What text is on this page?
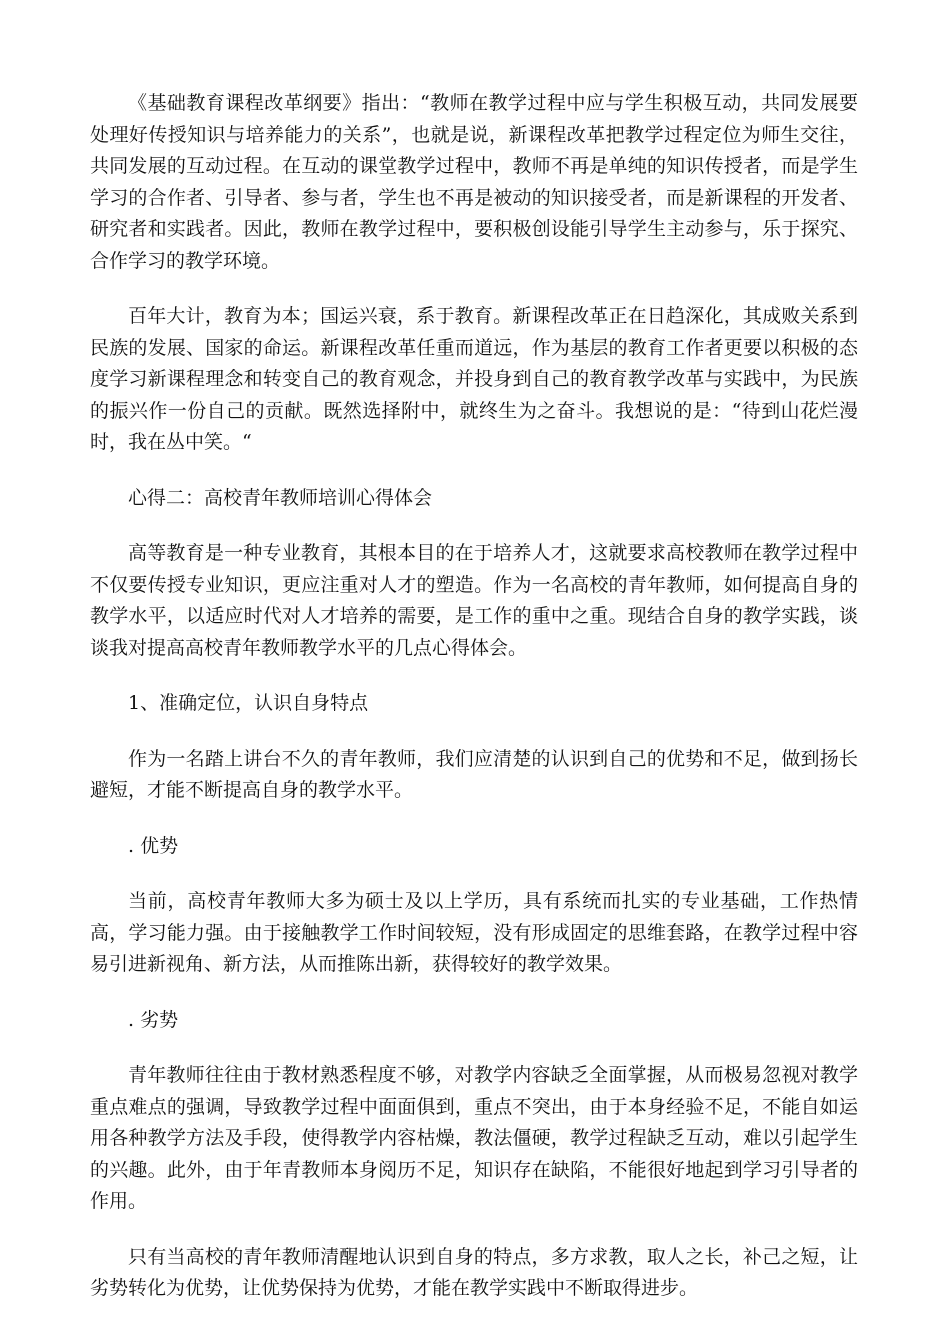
《基础教育课程改革纲要》指出：“教师在教学过程中应与学生积极互动，共同发展要处理好传授知识与培养能力的关系”，也就是说，新课程改革把教学过程定位为师生交往，共同发展的互动过程。在互动的课堂教学过程中，教师不再是单纯的知识传授者，而是学生学习的合作者、引导者、参与者，学生也不再是被动的知识接受者，而是新课程的开发者、研究者和实践者。因此，教师在教学过程中，要积极创设能引导学生主动参与，乐于探究、合作学习的教学环境。

百年大计，教育为本；国运兴衰，系于教育。新课程改革正在日趋深化，其成败关系到民族的发展、国家的命运。新课程改革任重而道远，作为基层的教育工作者更要以积极的态度学习新课程理念和转变自己的教育观念，并投身到自己的教育教学改革与实践中，为民族的振兴作一份自己的贡献。既然选择附中，就终生为之奋斗。我想说的是：“待到山花烂漫时，我在丛中笑。“

心得二：高校青年教师培训心得体会

高等教育是一种专业教育，其根本目的在于培养人才，这就要求高校教师在教学过程中不仅要传授专业知识，更应注重对人才的塑造。作为一名高校的青年教师，如何提高自身的教学水平，以适应时代对人才培养的需要，是工作的重中之重。现结合自身的教学实践，谈谈我对提高高校青年教师教学水平的几点心得体会。

1、准确定位，认识自身特点

作为一名踏上讲台不久的青年教师，我们应清楚的认识到自己的优势和不足，做到扬长避短，才能不断提高自身的教学水平。

. 优势

当前，高校青年教师大多为硕士及以上学历，具有系统而扎实的专业基础，工作热情高，学习能力强。由于接触教学工作时间较短，没有形成固定的思维套路，在教学过程中容易引进新视角、新方法，从而推陈出新，获得较好的教学效果。

. 劣势

青年教师往往由于教材熟悉程度不够，对教学内容缺乏全面掌握，从而极易忽视对教学重点难点的强调，导致教学过程中面面俱到，重点不突出，由于本身经验不足，不能自如运用各种教学方法及手段，使得教学内容枯燥，教法僵硬，教学过程缺乏互动，难以引起学生的兴趣。此外，由于年青教师本身阅历不足，知识存在缺陷，不能很好地起到学习引导者的作用。

只有当高校的青年教师清醒地认识到自身的特点，多方求教，取人之长，补己之短，让劣势转化为优势，让优势保持为优势，才能在教学实践中不断取得进步。
